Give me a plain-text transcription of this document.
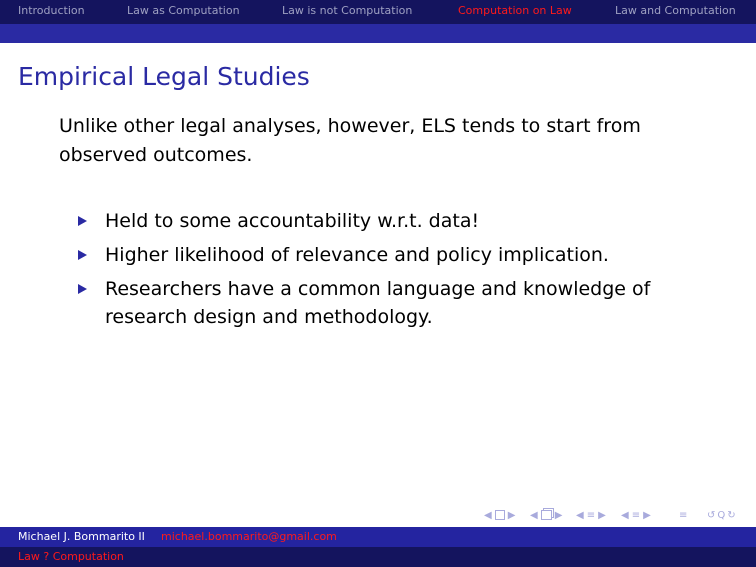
Introduction	Law as Computation	Law is not Computation	Computation on Law	Law and Computation
Empirical Legal Studies
Unlike other legal analyses, however, ELS tends to start from observed outcomes.
Held to some accountability w.r.t. data!
Higher likelihood of relevance and policy implication.
Researchers have a common language and knowledge of research design and methodology.
◀ ▶ ◀ ▶ ◀ ≡ ▶ ◀ ≡ ▶	≡ ↺ Q ↻
Michael J. Bommarito II michael.bommarito@gmail.com
Law ? Computation
